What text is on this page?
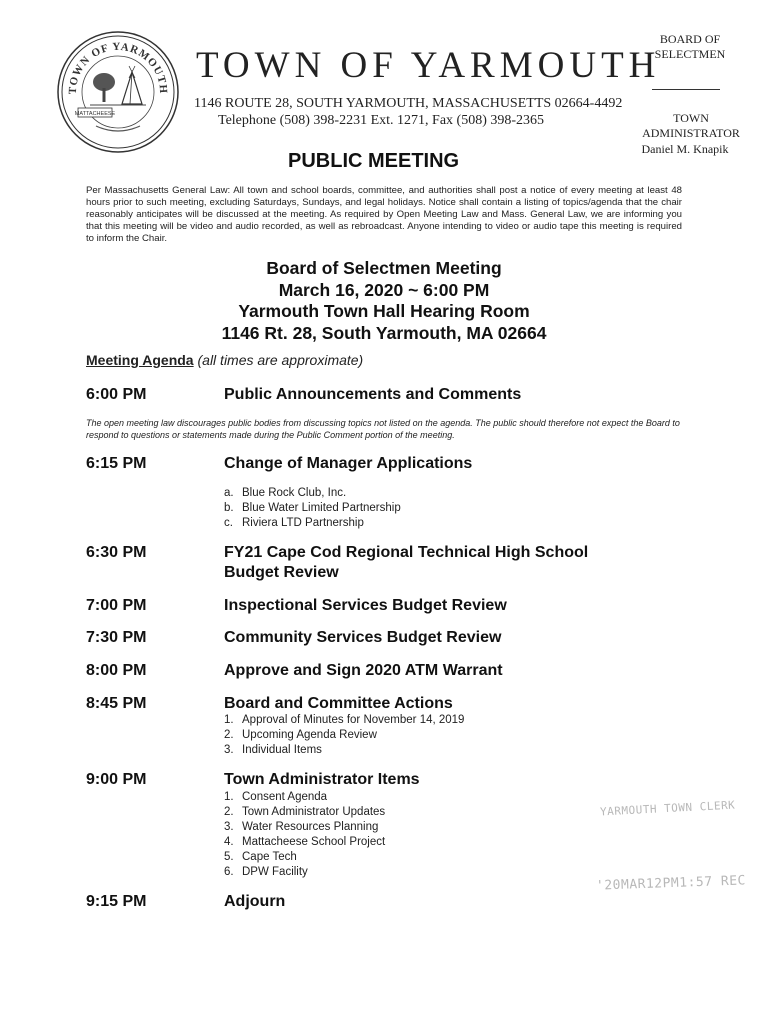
TOWN OF YARMOUTH
MATTACHEESE
TOWN OF YARMOUTH
1146 ROUTE 28, SOUTH YARMOUTH, MASSACHUSETTS 02664-4492
Telephone (508) 398-2231 Ext. 1271, Fax (508) 398-2365
BOARD OF
SELECTMEN
TOWN
ADMINISTRATOR
Daniel M. Knapik
PUBLIC MEETING
Per Massachusetts General Law: All town and school boards, committee, and authorities shall post a notice of every meeting at least 48 hours prior to such meeting, excluding Saturdays, Sundays, and legal holidays. Notice shall contain a listing of topics/agenda that the chair reasonably anticipates will be discussed at the meeting. As required by Open Meeting Law and Mass. General Law, we are informing you that this meeting will be video and audio recorded, as well as rebroadcast. Anyone intending to video or audio tape this meeting is required to inform the Chair.
Board of Selectmen Meeting
March 16, 2020 ~ 6:00 PM
Yarmouth Town Hall Hearing Room
1146 Rt. 28, South Yarmouth, MA 02664
Meeting Agenda (all times are approximate)
6:00 PM	Public Announcements and Comments
The open meeting law discourages public bodies from discussing topics not listed on the agenda. The public should therefore not expect the Board to respond to questions or statements made during the Public Comment portion of the meeting.
6:15 PM	Change of Manager Applications
a. Blue Rock Club, Inc.
b. Blue Water Limited Partnership
c. Riviera LTD Partnership
6:30 PM	FY21 Cape Cod Regional Technical High School
Budget Review
7:00 PM	Inspectional Services Budget Review
7:30 PM	Community Services Budget Review
8:00 PM	Approve and Sign 2020 ATM Warrant
8:45 PM	Board and Committee Actions
1. Approval of Minutes for November 14, 2019
2. Upcoming Agenda Review
3. Individual Items
9:00 PM	Town Administrator Items
1. Consent Agenda
2. Town Administrator Updates
3. Water Resources Planning
4. Mattacheese School Project
5. Cape Tech
6. DPW Facility
9:15 PM	Adjourn
YARMOUTH TOWN CLERK
'20MAR12PM1:57 REC
